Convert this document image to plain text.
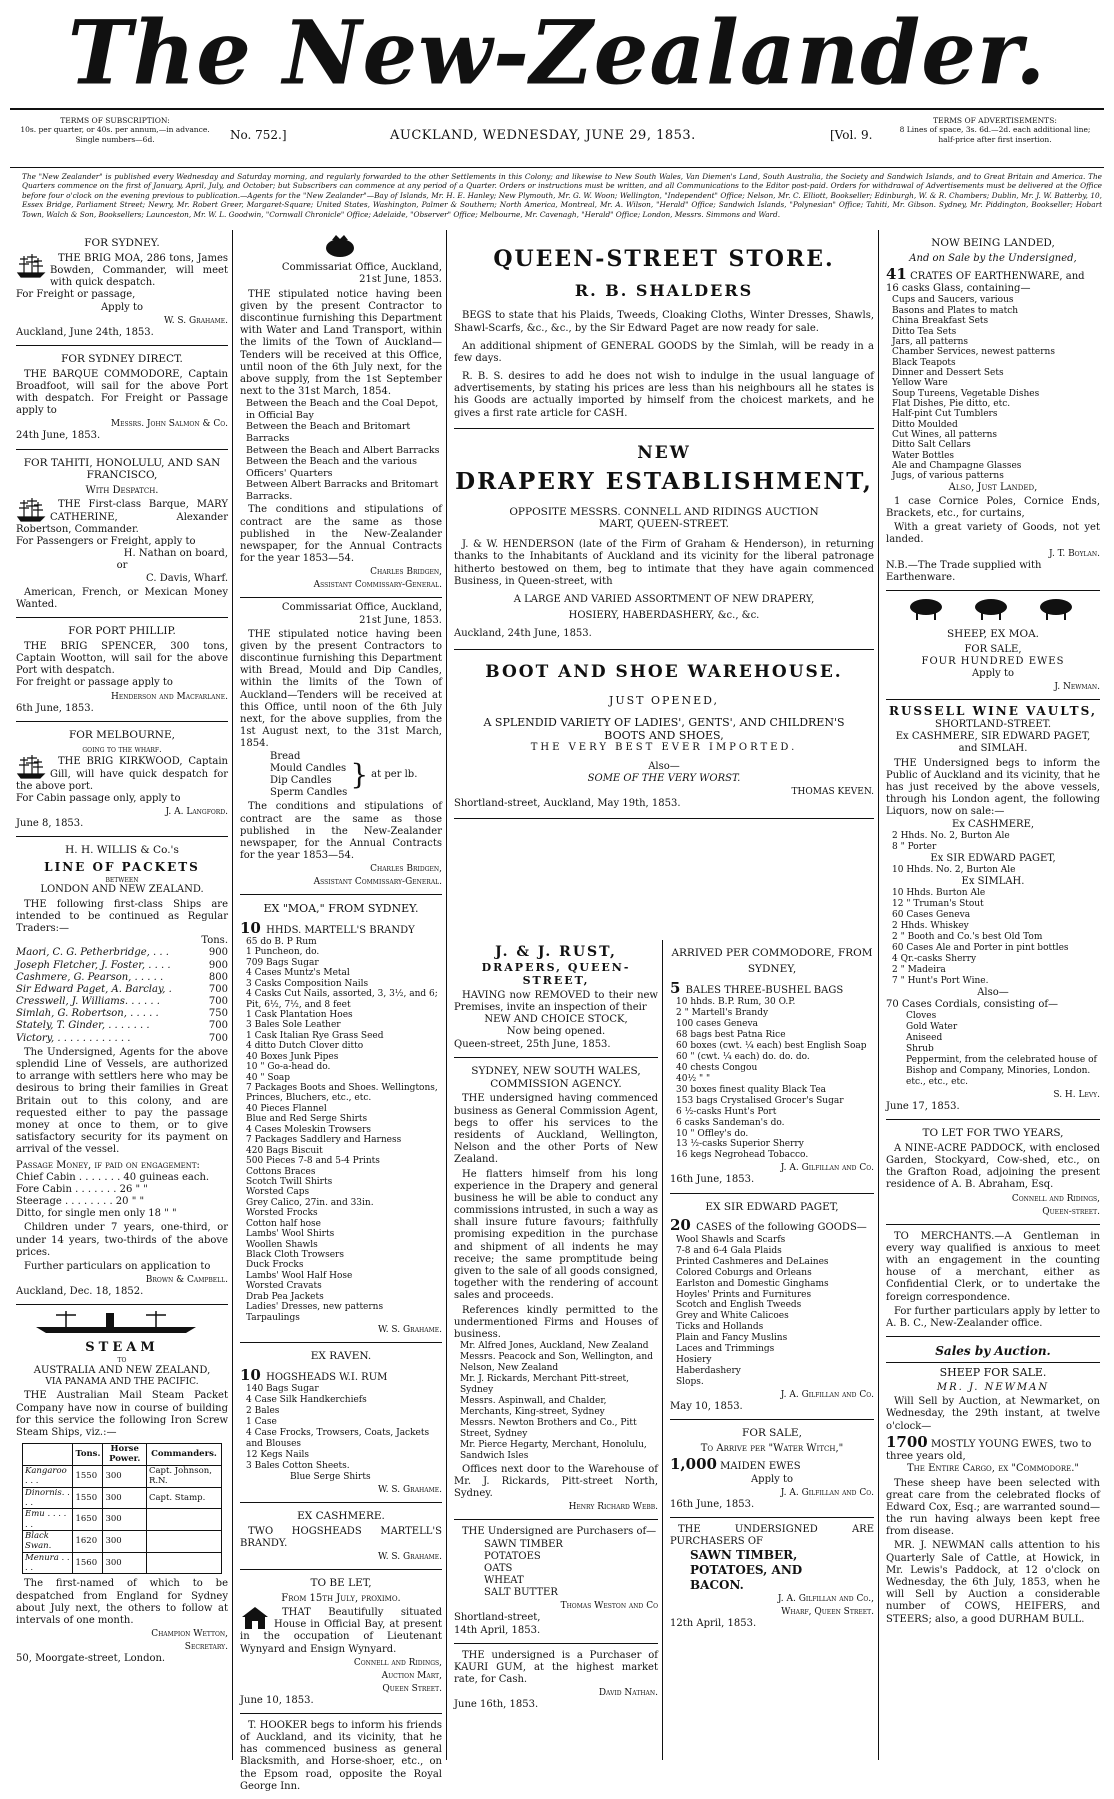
The New-Zealander.
TERMS OF SUBSCRIPTION:
10s. per quarter, or 40s. per annum,—in advance.
Single numbers—6d.	No. 752.]	AUCKLAND, WEDNESDAY, JUNE 29, 1853.	[Vol. 9.
TERMS OF ADVERTISEMENTS:
8 Lines of space, 3s. 6d.—2d. each additional line;
half-price after first insertion.
The "New Zealander" is published every Wednesday and Saturday morning, and regularly forwarded to the other Settlements in this Colony; and likewise to New South Wales, Van Diemen's Land, South Australia, the Society and Sandwich Islands, and to Great Britain and America. The Quarters commence on the first of January, April, July, and October; but Subscribers can commence at any period of a Quarter. Orders or instructions must be written, and all Communications to the Editor post-paid. Orders for withdrawal of Advertisements must be delivered at the Office before four o'clock on the evening previous to publication.—Agents for the "New Zealander"—Bay of Islands, Mr. H. E. Hanley; New Plymouth, Mr. G. W. Woon; Wellington, "Independent" Office; Nelson, Mr. C. Elliott, Bookseller; Edinburgh, W. & R. Chambers; Dublin, Mr. J. W. Batterby, 10, Essex Bridge, Parliament Street; Newry, Mr. Robert Greer, Margaret-Square; United States, Washington, Palmer & Southern; North America, Montreal, Mr. A. Wilson, "Herald" Office; Sandwich Islands, "Polynesian" Office; Tahiti, Mr. Gibson. Sydney, Mr. Piddington, Bookseller; Hobart Town, Walch & Son, Booksellers; Launceston, Mr. W. L. Goodwin, "Cornwall Chronicle" Office; Adelaide, "Observer" Office; Melbourne, Mr. Cavenagh, "Herald" Office; London, Messrs. Simmons and Ward.
FOR SYDNEY.

THE BRIG MOA, 286 tons, James Bowden, Commander, will meet with quick despatch.

For Freight or passage,
Apply to
W. S. Grahame.
Auckland, June 24th, 1853.
FOR SYDNEY DIRECT.

THE BARQUE COMMODORE, Captain Broadfoot, will sail for the above Port with despatch. For Freight or Passage apply to

Messrs. John Salmon & Co.
24th June, 1853.
FOR TAHITI, HONOLULU, AND SAN FRANCISCO,
With Despatch.

THE First-class Barque, MARY CATHERINE, Alexander Robertson, Commander.

For Passengers or Freight, apply to
H. Nathan on board,
or
C. Davis, Wharf.

American, French, or Mexican Money Wanted.

FOR PORT PHILLIP.

THE BRIG SPENCER, 300 tons, Captain Wootton, will sail for the above Port with despatch.

For freight or passage apply to
Henderson and Macfarlane.
6th June, 1853.
FOR MELBOURNE,
going to the wharf.

THE BRIG KIRKWOOD, Captain Gill, will have quick despatch for the above port.

For Cabin passage only, apply to
J. A. Langford.
June 8, 1853.
H. H. WILLIS & Co.'s
LINE OF PACKETS
between
LONDON AND NEW ZEALAND.

THE following first-class Ships are intended to be continued as Regular Traders:—

Tons.
Maori, C. G. Petherbridge, . . .	900
Joseph Fletcher, J. Foster, . . . .	900
Cashmere, G. Pearson, . . . . .	800
Sir Edward Paget, A. Barclay, .	700
Cresswell, J. Williams. . . . . .	700
Simlah, G. Robertson, . . . . .	750
Stately, T. Ginder, . . . . . . .	700
Victory, . . . . . . . . . . . .	700

The Undersigned, Agents for the above splendid Line of Vessels, are authorized to arrange with settlers here who may be desirous to bring their families in Great Britain out to this colony, and are requested either to pay the passage money at once to them, or to give satisfactory security for its payment on arrival of the vessel.

Passage Money, if paid on engagement:
Chief Cabin . . . . . . . 40 guineas each.
Fore Cabin . . . . . . . 26 " "
Steerage . . . . . . . . 20 " "
Ditto, for single men only 18 " "

Children under 7 years, one-third, or under 14 years, two-thirds of the above prices.

Further particulars on application to

Brown & Campbell.
Auckland, Dec. 18, 1852.
STEAM
to
AUSTRALIA AND NEW ZEALAND,
VIA PANAMA AND THE PACIFIC.

THE Australian Mail Steam Packet Company have now in course of building for this service the following Iron Screw Steam Ships, viz.:—

	Tons.	Horse Power.	Commanders.
Kangaroo . . .	1550	300	Capt. Johnson, R.N.
Dinornis. . . .	1550	300	Capt. Stamp.
Emu . . . . . .	1650	300	
Black Swan.	1620	300	
Menura . . . .	1560	300	

The first-named of which to be despatched from England for Sydney about July next, the others to follow at intervals of one month.

Champion Wetton,
Secretary.
50, Moorgate-street, London.
Commissariat Office, Auckland,
21st June, 1853.

THE stipulated notice having been given by the present Contractor to discontinue furnishing this Department with Water and Land Transport, within the limits of the Town of Auckland—Tenders will be received at this Office, until noon of the 6th July next, for the above supply, from the 1st September next to the 31st March, 1854.

Between the Beach and the Coal Depot, in Official Bay
Between the Beach and Britomart Barracks
Between the Beach and Albert Barracks
Between the Beach and the various Officers' Quarters
Between Albert Barracks and Britomart Barracks.

The conditions and stipulations of contract are the same as those published in the New-Zealander newspaper, for the Annual Contracts for the year 1853—54.

Charles Bridgen,
Assistant Commissary-General.
Commissariat Office, Auckland,
21st June, 1853.

THE stipulated notice having been given by the present Contractors to discontinue furnishing this Department with Bread, Mould and Dip Candles, within the limits of the Town of Auckland—Tenders will be received at this Office, until noon of the 6th July next, for the above supplies, from the 1st August next, to the 31st March, 1854.

Bread
Mould Candles
Dip Candles
Sperm Candles
} at per lb.

The conditions and stipulations of contract are the same as those published in the New-Zealander newspaper, for the Annual Contracts for the year 1853—54.

Charles Bridgen,
Assistant Commissary-General.
EX "MOA," FROM SYDNEY.
10 HHDS. MARTELL'S BRANDY
65 do B. P Rum
1 Puncheon, do.
709 Bags Sugar
4 Cases Muntz's Metal
3 Casks Composition Nails
4 Casks Cut Nails, assorted, 3, 3½, and 6; Pit, 6½, 7½, and 8 feet
1 Cask Plantation Hoes
3 Bales Sole Leather
1 Cask Italian Rye Grass Seed
4 ditto Dutch Clover ditto
40 Boxes Junk Pipes
10 " Go-a-head do.
40 " Soap
7 Packages Boots and Shoes. Wellingtons, Princes, Bluchers, etc., etc.
40 Pieces Flannel
Blue and Red Serge Shirts
4 Cases Moleskin Trowsers
7 Packages Saddlery and Harness
420 Bags Biscuit
500 Pieces 7-8 and 5-4 Prints
Cottons Braces
Scotch Twill Shirts
Worsted Caps
Grey Calico, 27in. and 33in.
Worsted Frocks
Cotton half hose
Lambs' Wool Shirts
Woollen Shawls
Black Cloth Trowsers
Duck Frocks
Lambs' Wool Half Hose
Worsted Cravats
Drab Pea Jackets
Ladies' Dresses, new patterns
Tarpaulings
W. S. Grahame.
EX RAVEN.
10 HOGSHEADS W.I. RUM
140 Bags Sugar
4 Case Silk Handkerchiefs
2 Bales
1 Case
4 Case Frocks, Trowsers, Coats, Jackets and Blouses
12 Kegs Nails
3 Bales Cotton Sheets.
Blue Serge Shirts
W. S. Grahame.
EX CASHMERE.

TWO HOGSHEADS MARTELL'S BRANDY.

W. S. Grahame.
TO BE LET,
From 15th July, proximo.

THAT Beautifully situated House in Official Bay, at present in the occupation of Lieutenant Wynyard and Ensign Wynyard.

Connell and Ridings,
Auction Mart,
Queen Street.
June 10, 1853.

T. HOOKER begs to inform his friends of Auckland, and its vicinity, that he has commenced business as general Blacksmith, and Horse-shoer, etc., on the Epsom road, opposite the Royal George Inn.

QUEEN-STREET STORE.
R. B. SHALDERS

BEGS to state that his Plaids, Tweeds, Cloaking Cloths, Winter Dresses, Shawls, Shawl-Scarfs, &c., &c., by the Sir Edward Paget are now ready for sale.

An additional shipment of GENERAL GOODS by the Simlah, will be ready in a few days.

R. B. S. desires to add he does not wish to indulge in the usual language of advertisements, by stating his prices are less than his neighbours all he states is his Goods are actually imported by himself from the choicest markets, and he gives a first rate article for CASH.

NEW
DRAPERY ESTABLISHMENT,
OPPOSITE MESSRS. CONNELL AND RIDINGS AUCTION
MART, QUEEN-STREET.

J. & W. HENDERSON (late of the Firm of Graham & Henderson), in returning thanks to the Inhabitants of Auckland and its vicinity for the liberal patronage hitherto bestowed on them, beg to intimate that they have again commenced Business, in Queen-street, with

A LARGE AND VARIED ASSORTMENT OF NEW DRAPERY,
HOSIERY, HABERDASHERY, &c., &c.
Auckland, 24th June, 1853.
BOOT AND SHOE WAREHOUSE.
JUST OPENED,
A SPLENDID VARIETY OF LADIES', GENTS', AND CHILDREN'S
BOOTS AND SHOES,
THE VERY BEST EVER IMPORTED.
Also—
SOME OF THE VERY WORST.
THOMAS KEVEN.
Shortland-street, Auckland, May 19th, 1853.
J. & J. RUST,
DRAPERS, QUEEN-STREET,

HAVING now REMOVED to their new Premises, invite an inspection of their

NEW AND CHOICE STOCK,
Now being opened.
Queen-street, 25th June, 1853.
SYDNEY, NEW SOUTH WALES, COMMISSION AGENCY.

THE undersigned having commenced business as General Commission Agent, begs to offer his services to the residents of Auckland, Wellington, Nelson and the other Ports of New Zealand.

He flatters himself from his long experience in the Drapery and general business he will be able to conduct any commissions intrusted, in such a way as shall insure future favours; faithfully promising expedition in the purchase and shipment of all indents he may receive; the same promptitude being given to the sale of all goods consigned, together with the rendering of account sales and proceeds.

References kindly permitted to the undermentioned Firms and Houses of business.

Mr. Alfred Jones, Auckland, New Zealand
Messrs. Peacock and Son, Wellington, and Nelson, New Zealand
Mr. J. Rickards, Merchant Pitt-street, Sydney
Messrs. Aspinwall, and Chalder, Merchants, King-street, Sydney
Messrs. Newton Brothers and Co., Pitt Street, Sydney
Mr. Pierce Hegarty, Merchant, Honolulu, Sandwich Isles

Offices next door to the Warehouse of Mr. J. Rickards, Pitt-street North, Sydney.

Henry Richard Webb.

THE Undersigned are Purchasers of—

SAWN TIMBER
POTATOES
OATS
WHEAT
SALT BUTTER
Thomas Weston and Co
Shortland-street,
14th April, 1853.

THE undersigned is a Purchaser of KAURI GUM, at the highest market rate, for Cash.

David Nathan.
June 16th, 1853.
ARRIVED PER COMMODORE, FROM
SYDNEY,
5 BALES THREE-BUSHEL BAGS
10 hhds. B.P. Rum, 30 O.P.
2 " Martell's Brandy
100 cases Geneva
68 bags best Patna Rice
60 boxes (cwt. ¼ each) best English Soap
60 " (cwt. ¼ each) do. do. do.
40 chests Congou
40½ " "
30 boxes finest quality Black Tea
153 bags Crystalised Grocer's Sugar
6 ½-casks Hunt's Port
6 casks Sandeman's do.
10 " Offley's do.
13 ½-casks Superior Sherry
16 kegs Negrohead Tobacco.
J. A. Gilfillan and Co.
16th June, 1853.
EX SIR EDWARD PAGET,
20 CASES of the following GOODS—
Wool Shawls and Scarfs
7-8 and 6-4 Gala Plaids
Printed Cashmeres and DeLaines
Colored Coburgs and Orleans
Earlston and Domestic Ginghams
Hoyles' Prints and Furnitures
Scotch and English Tweeds
Grey and White Calicoes
Ticks and Hollands
Plain and Fancy Muslins
Laces and Trimmings
Hosiery
Haberdashery
Slops.
J. A. Gilfillan and Co.
May 10, 1853.
FOR SALE,
To Arrive per "Water Witch,"
1,000 MAIDEN EWES
Apply to
J. A. Gilfillan and Co.
16th June, 1853.

THE UNDERSIGNED ARE PURCHASERS OF

SAWN TIMBER,
POTATOES, AND
BACON.
J. A. Gilfillan and Co.,
Wharf, Queen Street.
12th April, 1853.
NOW BEING LANDED,
And on Sale by the Undersigned,
41 CRATES OF EARTHENWARE, and 16 casks Glass, containing—
Cups and Saucers, various
Basons and Plates to match
China Breakfast Sets
Ditto Tea Sets
Jars, all patterns
Chamber Services, newest patterns
Black Teapots
Dinner and Dessert Sets
Yellow Ware
Soup Tureens, Vegetable Dishes
Flat Dishes, Pie ditto, etc.
Half-pint Cut Tumblers
Ditto Moulded
Cut Wines, all patterns
Ditto Salt Cellars
Water Bottles
Ale and Champagne Glasses
Jugs, of various patterns
Also, Just Landed,

1 case Cornice Poles, Cornice Ends, Brackets, etc., for curtains,

With a great variety of Goods, not yet landed.

J. T. Boylan.
N.B.—The Trade supplied with Earthenware.
SHEEP, EX MOA.
FOR SALE,
FOUR HUNDRED EWES
Apply to
J. Newman.
RUSSELL WINE VAULTS,
SHORTLAND-STREET.
Ex CASHMERE, SIR EDWARD PAGET, and SIMLAH.

THE Undersigned begs to inform the Public of Auckland and its vicinity, that he has just received by the above vessels, through his London agent, the following Liquors, now on sale:—

Ex CASHMERE,
2 Hhds. No. 2, Burton Ale
8 " Porter
Ex SIR EDWARD PAGET,
10 Hhds. No. 2, Burton Ale
Ex SIMLAH.
10 Hhds. Burton Ale
12 " Truman's Stout
60 Cases Geneva
2 Hhds. Whiskey
2 " Booth and Co.'s best Old Tom
60 Cases Ale and Porter in pint bottles
4 Qr.-casks Sherry
2 " Madeira
7 " Hunt's Port Wine.
Also—
70 Cases Cordials, consisting of—
Cloves
Gold Water
Aniseed
Shrub
Peppermint, from the celebrated house of Bishop and Company, Minories, London.
etc., etc., etc.
S. H. Levy.
June 17, 1853.
TO LET FOR TWO YEARS,

A NINE-ACRE PADDOCK, with enclosed Garden, Stockyard, Cow-shed, etc., on the Grafton Road, adjoining the present residence of A. B. Abraham, Esq.

Connell and Ridings,
Queen-street.

TO MERCHANTS.—A Gentleman in every way qualified is anxious to meet with an engagement in the counting house of a merchant, either as Confidential Clerk, or to undertake the foreign correspondence.

For further particulars apply by letter to A. B. C., New-Zealander office.

Sales by Auction.
SHEEP FOR SALE.
MR. J. NEWMAN

Will Sell by Auction, at Newmarket, on Wednesday, the 29th instant, at twelve o'clock—

1700 MOSTLY YOUNG EWES, two to three years old,
The Entire Cargo, ex "Commodore."

These sheep have been selected with great care from the celebrated flocks of Edward Cox, Esq.; are warranted sound—the run having always been kept free from disease.

MR. J. NEWMAN calls attention to his Quarterly Sale of Cattle, at Howick, in Mr. Lewis's Paddock, at 12 o'clock on Wednesday, the 6th July, 1853, when he will Sell by Auction a considerable number of COWS, HEIFERS, and STEERS; also, a good DURHAM BULL.
